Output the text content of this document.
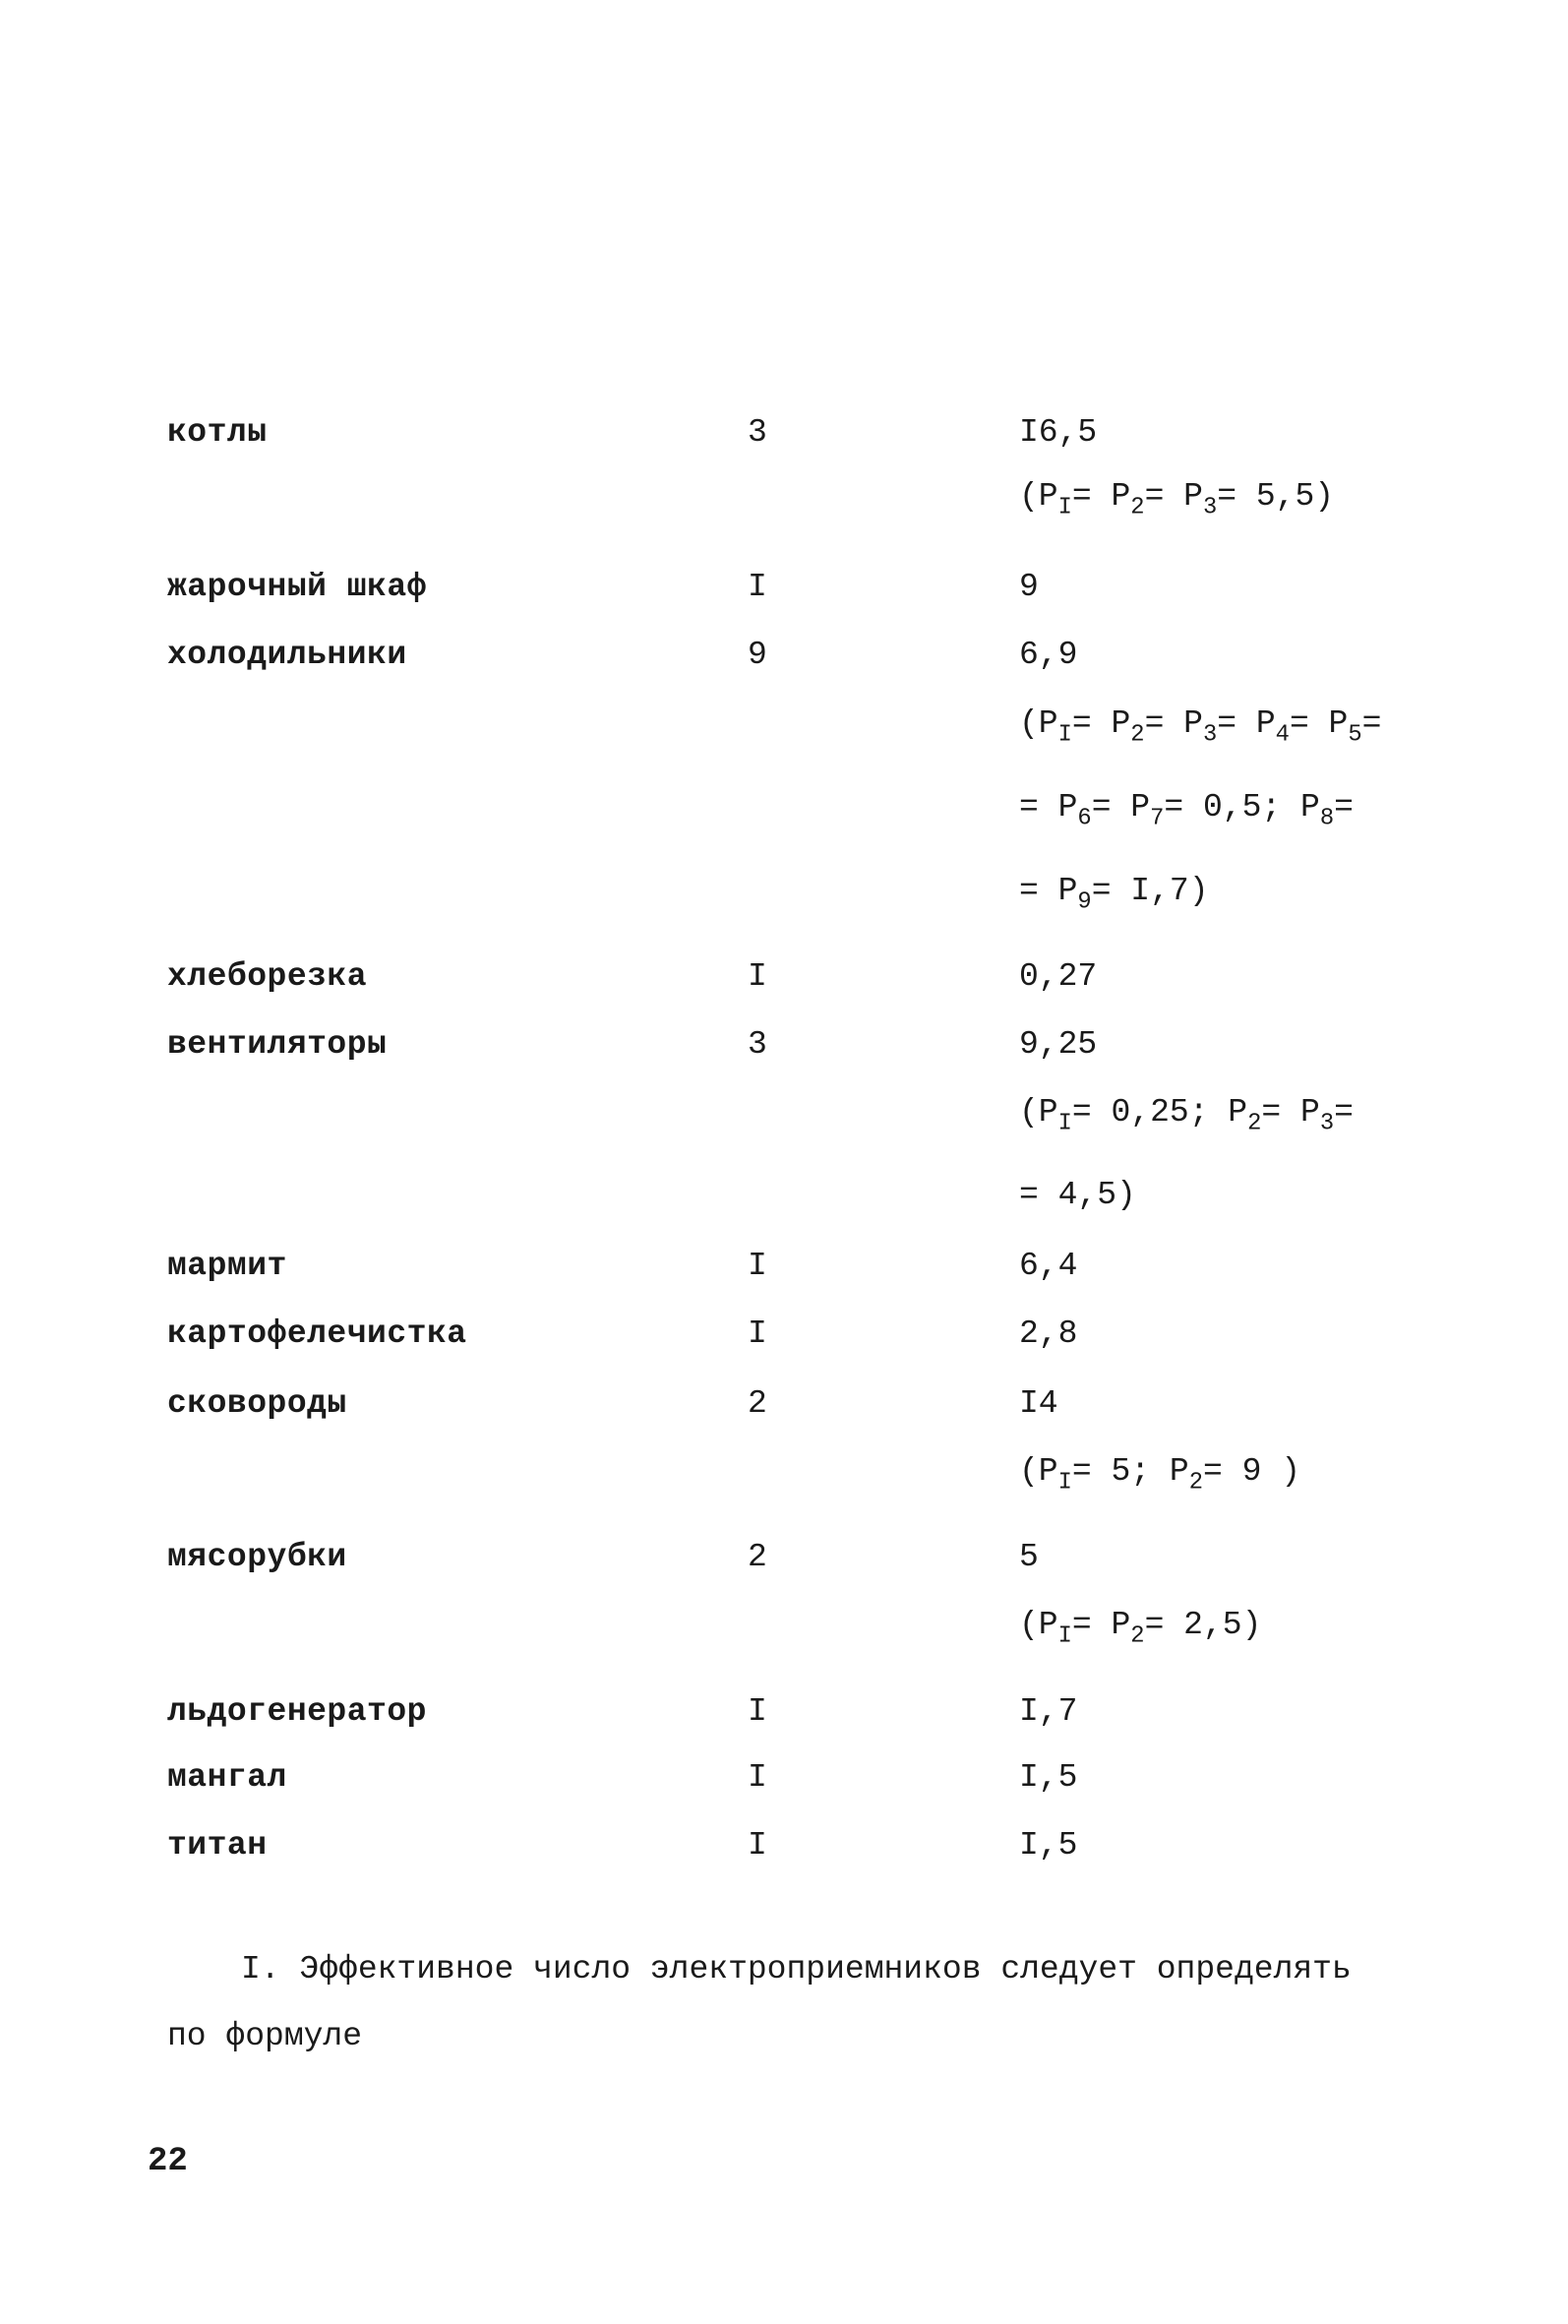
котлы	3	I6,5
$(P_I= P_2= P_3= 5,5)$
жарочный шкаф	I	9
холодильники	9	6,9
($P_I= P_2= P_3= P_4= P_5=$
= $P_6= P_7= 0,5$; $P_8=$
= $P_9= I,7$)
хлеборезка	I	0,27
вентиляторы	3	9,25
($P_I= 0,25$; $P_2= P_3=$
= 4,5)
мармит	I	6,4
картофелечистка	I	2,8
сковороды	2	I4
($P_I= 5$; $P_2= 9$ )
мясорубки	2	5
$(P_I= P_2= 2,5)$
льдогенератор	I	I,7
мангал	I	I,5
титан	I	I,5
I. Эффективное число электроприемников следует определять
по формуле
22
